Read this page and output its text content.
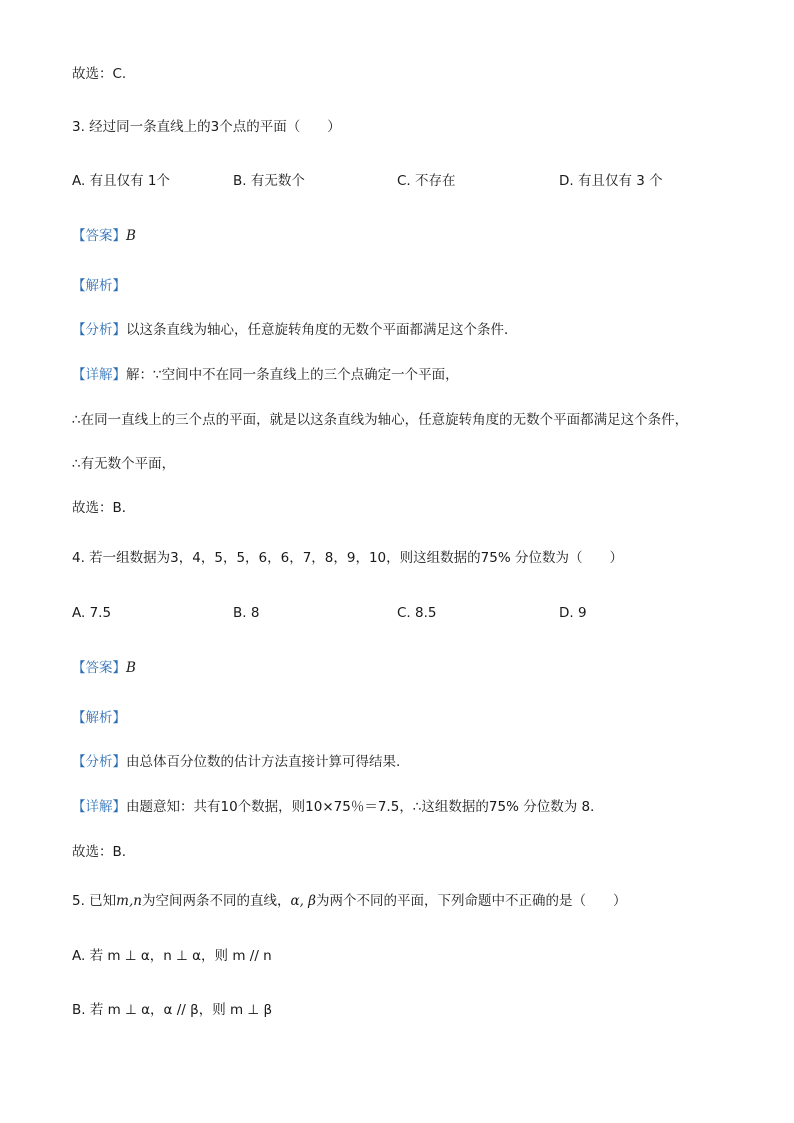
故选：C.
3. 经过同一条直线上的3个点的平面（　　）
A. 有且仅有 1个	B. 有无数个	C. 不存在	D. 有且仅有 3 个
【答案】B
【解析】
【分析】以这条直线为轴心，任意旋转角度的无数个平面都满足这个条件．
【详解】解：∵空间中不在同一条直线上的三个点确定一个平面，
∴在同一直线上的三个点的平面，就是以这条直线为轴心，任意旋转角度的无数个平面都满足这个条件，
∴有无数个平面，
故选：B．
4. 若一组数据为3，4，5，5，6，6，7，8，9，10，则这组数据的75% 分位数为（　　）
A. 7.5	B. 8	C. 8.5	D. 9
【答案】B
【解析】
【分析】由总体百分位数的估计方法直接计算可得结果.
【详解】由题意知：共有10个数据，则10×75％＝7.5，∴这组数据的75% 分位数为 8．
故选：B.
5. 已知m,n为空间两条不同的直线，α, β为两个不同的平面，下列命题中不正确的是（　　）
A. 若 m ⊥ α，n ⊥ α，则 m // n
B. 若 m ⊥ α，α // β，则 m ⊥ β
